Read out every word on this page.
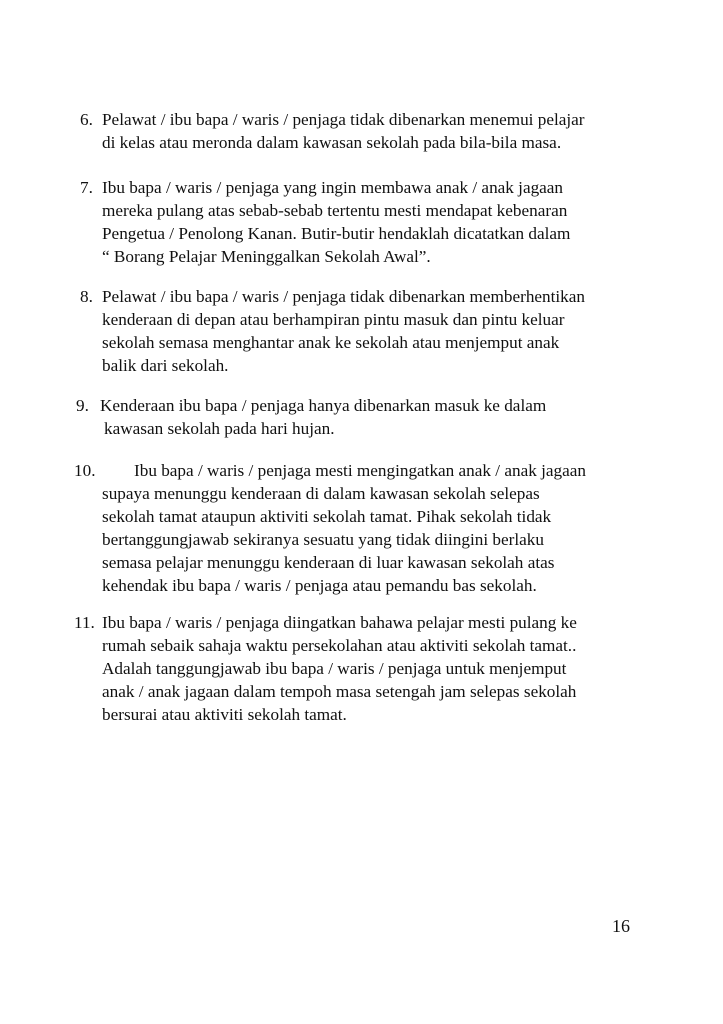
6. Pelawat / ibu bapa / waris / penjaga tidak dibenarkan menemui pelajar
di kelas atau meronda dalam kawasan sekolah pada bila-bila masa.
7. Ibu bapa / waris / penjaga yang ingin membawa anak / anak jagaan
mereka pulang atas sebab-sebab tertentu mesti mendapat kebenaran
Pengetua / Penolong Kanan. Butir-butir hendaklah dicatatkan dalam
“ Borang Pelajar Meninggalkan Sekolah Awal”.
8. Pelawat / ibu bapa / waris / penjaga tidak dibenarkan memberhentikan
kenderaan di depan atau berhampiran pintu masuk dan pintu keluar
sekolah semasa menghantar anak ke sekolah atau menjemput anak
balik dari sekolah.
9. Kenderaan ibu bapa / penjaga hanya dibenarkan masuk ke dalam
kawasan sekolah pada hari hujan.
10. Ibu bapa / waris / penjaga mesti mengingatkan anak / anak jagaan
supaya menunggu kenderaan di dalam kawasan sekolah selepas
sekolah tamat ataupun aktiviti sekolah tamat. Pihak sekolah tidak
bertanggungjawab sekiranya sesuatu yang tidak diingini berlaku
semasa pelajar menunggu kenderaan di luar kawasan sekolah atas
kehendak ibu bapa / waris / penjaga atau pemandu bas sekolah.
11. Ibu bapa / waris / penjaga diingatkan bahawa pelajar mesti pulang ke
rumah sebaik sahaja waktu persekolahan atau aktiviti sekolah tamat..
Adalah tanggungjawab ibu bapa / waris / penjaga untuk menjemput
anak / anak jagaan dalam tempoh masa setengah jam selepas sekolah
bersurai atau aktiviti sekolah tamat.
16
